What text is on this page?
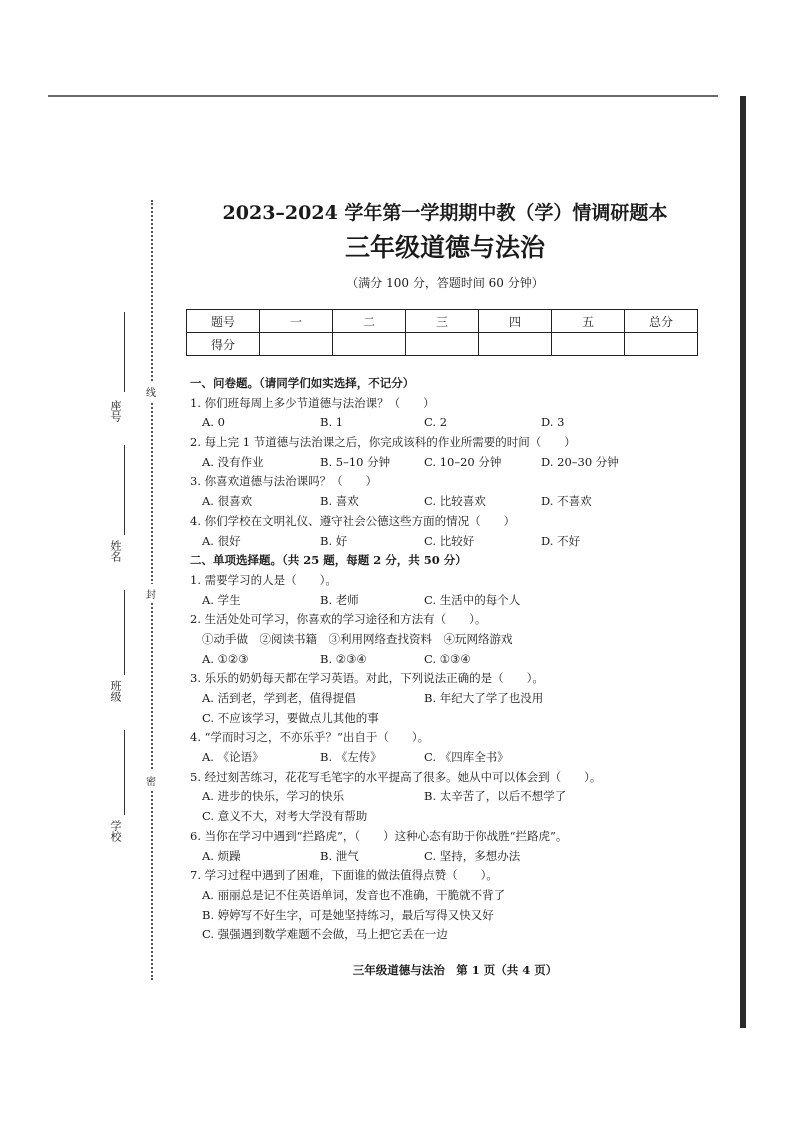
线
封
密
座号
姓名
班级
学校
2023–2024 学年第一学期期中教（学）情调研题本
三年级道德与法治
（满分 100 分，答题时间 60 分钟）
题号	一	二	三	四	五	总分
得分						
一、问卷题。（请同学们如实选择，不记分）
1. 你们班每周上多少节道德与法治课？（　　）
A. 0	B. 1	C. 2	D. 3
2. 每上完 1 节道德与法治课之后，你完成该科的作业所需要的时间（　　）
A. 没有作业	B. 5–10 分钟	C. 10–20 分钟	D. 20–30 分钟
3. 你喜欢道德与法治课吗？（　　）
A. 很喜欢	B. 喜欢	C. 比较喜欢	D. 不喜欢
4. 你们学校在文明礼仪、遵守社会公德这些方面的情况（　　）
A. 很好	B. 好	C. 比较好	D. 不好
二、单项选择题。（共 25 题，每题 2 分，共 50 分）
1. 需要学习的人是（　　）。
A. 学生	B. 老师	C. 生活中的每个人
2. 生活处处可学习，你喜欢的学习途径和方法有（　　）。
①动手做　②阅读书籍　③利用网络查找资料　④玩网络游戏
A. ①②③	B. ②③④	C. ①③④
3. 乐乐的奶奶每天都在学习英语。对此，下列说法正确的是（　　）。
A. 活到老，学到老，值得提倡	B. 年纪大了学了也没用
C. 不应该学习，要做点儿其他的事
4. “学而时习之，不亦乐乎？”出自于（　　）。
A. 《论语》	B. 《左传》	C. 《四库全书》
5. 经过刻苦练习，花花写毛笔字的水平提高了很多。她从中可以体会到（　　）。
A. 进步的快乐，学习的快乐	B. 太辛苦了，以后不想学了
C. 意义不大，对考大学没有帮助
6. 当你在学习中遇到“拦路虎”，（　　）这种心态有助于你战胜“拦路虎”。
A. 烦躁	B. 泄气	C. 坚持，多想办法
7. 学习过程中遇到了困难，下面谁的做法值得点赞（　　）。
A. 丽丽总是记不住英语单词，发音也不准确，干脆就不背了
B. 婷婷写不好生字，可是她坚持练习，最后写得又快又好
C. 强强遇到数学难题不会做，马上把它丢在一边
三年级道德与法治　第 1 页（共 4 页）
